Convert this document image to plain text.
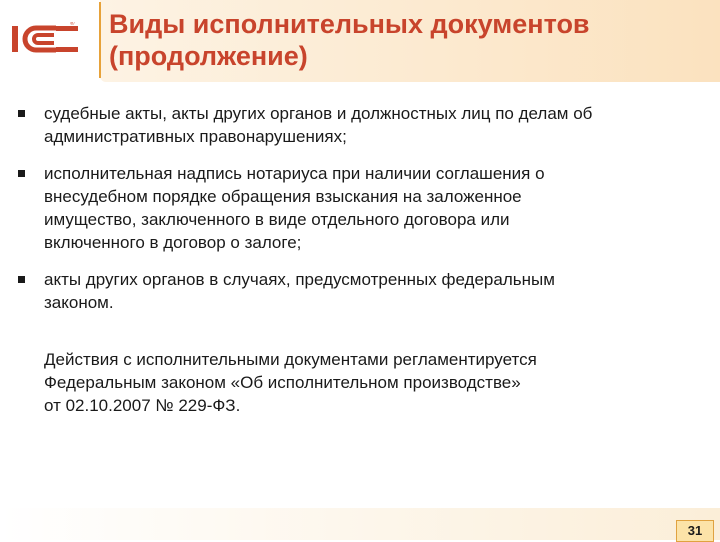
® Виды исполнительных документов
(продолжение)
судебные акты, акты других органов и должностных лиц по делам об
административных правонарушениях;
исполнительная надпись нотариуса при наличии соглашения о
внесудебном порядке обращения взыскания на заложенное
имущество, заключенного в виде отдельного договора или
включенного в договор о залоге;
акты других органов в случаях, предусмотренных федеральным
законом.
Действия с исполнительными документами регламентируется
Федеральным законом «Об исполнительном производстве»
от 02.10.2007 № 229-ФЗ.
31
